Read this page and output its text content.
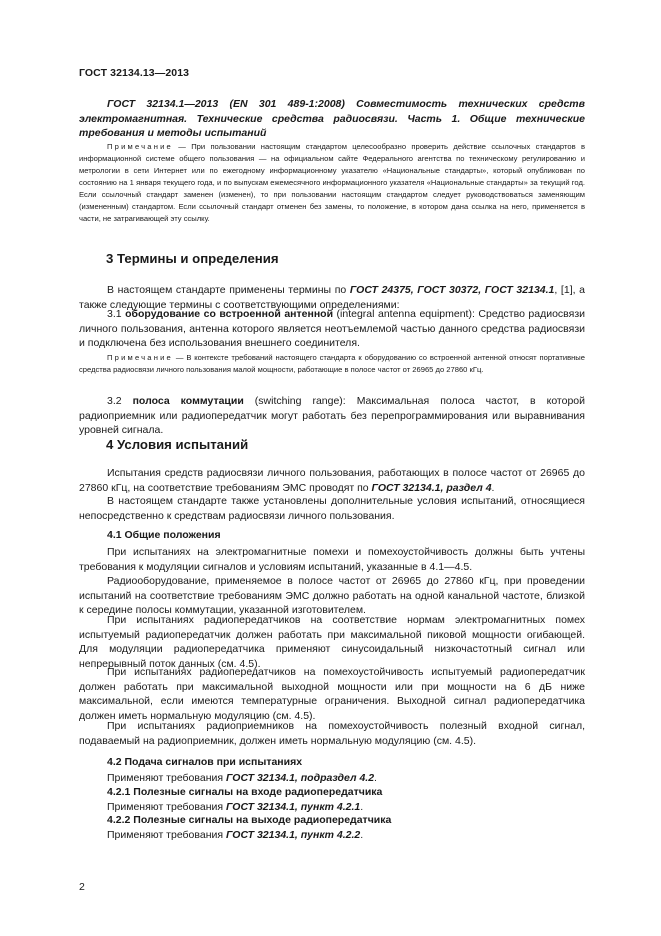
ГОСТ 32134.13—2013
ГОСТ 32134.1—2013 (EN 301 489-1:2008) Совместимость технических средств электромагнитная. Технические средства радиосвязи. Часть 1. Общие технические требования и методы испытаний
Примечание — При пользовании настоящим стандартом целесообразно проверить действие ссылочных стандартов в информационной системе общего пользования — на официальном сайте Федерального агентства по техническому регулированию и метрологии в сети Интернет или по ежегодному информационному указателю «Национальные стандарты», который опубликован по состоянию на 1 января текущего года, и по выпускам ежемесячного информационного указателя «Национальные стандарты» за текущий год. Если ссылочный стандарт заменен (изменен), то при пользовании настоящим стандартом следует руководствоваться заменяющим (измененным) стандартом. Если ссылочный стандарт отменен без замены, то положение, в котором дана ссылка на него, применяется в части, не затрагивающей эту ссылку.
3 Термины и определения
В настоящем стандарте применены термины по ГОСТ 24375, ГОСТ 30372, ГОСТ 32134.1, [1], а также следующие термины с соответствующими определениями:
3.1 оборудование со встроенной антенной (integral antenna equipment): Средство радиосвязи личного пользования, антенна которого является неотъемлемой частью данного средства радиосвязи и подключена без использования внешнего соединителя.
Примечание — В контексте требований настоящего стандарта к оборудованию со встроенной антенной относят портативные средства радиосвязи личного пользования малой мощности, работающие в полосе частот от 26965 до 27860 кГц.
3.2 полоса коммутации (switching range): Максимальная полоса частот, в которой радиоприемник или радиопередатчик могут работать без перепрограммирования или выравнивания уровней сигнала.
4 Условия испытаний
Испытания средств радиосвязи личного пользования, работающих в полосе частот от 26965 до 27860 кГц, на соответствие требованиям ЭМС проводят по ГОСТ 32134.1, раздел 4.
В настоящем стандарте также установлены дополнительные условия испытаний, относящиеся непосредственно к средствам радиосвязи личного пользования.
4.1 Общие положения
При испытаниях на электромагнитные помехи и помехоустойчивость должны быть учтены требования к модуляции сигналов и условиям испытаний, указанные в 4.1—4.5.
Радиооборудование, применяемое в полосе частот от 26965 до 27860 кГц, при проведении испытаний на соответствие требованиям ЭМС должно работать на одной канальной частоте, близкой к середине полосы коммутации, указанной изготовителем.
При испытаниях радиопередатчиков на соответствие нормам электромагнитных помех испытуемый радиопередатчик должен работать при максимальной пиковой мощности огибающей. Для модуляции радиопередатчика применяют синусоидальный низкочастотный сигнал или непрерывный поток данных (см. 4.5).
При испытаниях радиопередатчиков на помехоустойчивость испытуемый радиопередатчик должен работать при максимальной выходной мощности или при мощности на 6 дБ ниже максимальной, если имеются температурные ограничения. Выходной сигнал радиопередатчика должен иметь нормальную модуляцию (см. 4.5).
При испытаниях радиоприемников на помехоустойчивость полезный входной сигнал, подаваемый на радиоприемник, должен иметь нормальную модуляцию (см. 4.5).
4.2 Подача сигналов при испытаниях
Применяют требования ГОСТ 32134.1, подраздел 4.2.
4.2.1 Полезные сигналы на входе радиопередатчика
Применяют требования ГОСТ 32134.1, пункт 4.2.1.
4.2.2 Полезные сигналы на выходе радиопередатчика
Применяют требования ГОСТ 32134.1, пункт 4.2.2.
2
